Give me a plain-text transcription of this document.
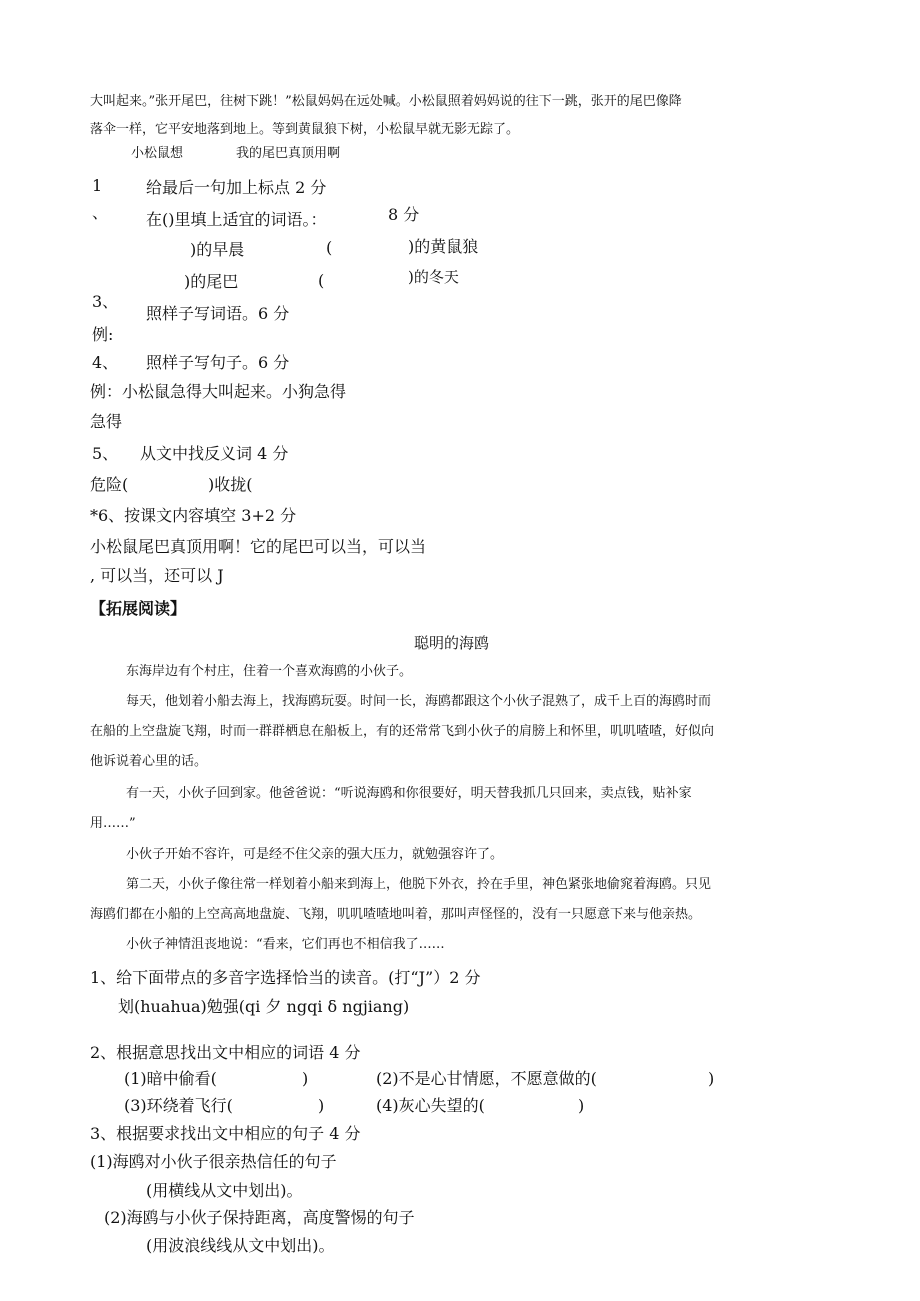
大叫起来。”张开尾巴，往树下跳！”松鼠妈妈在远处喊。小松鼠照着妈妈说的往下一跳，张开的尾巴像降
落伞一样，它平安地落到地上。等到黄鼠狼下树，小松鼠早就无影无踪了。
小松鼠想	我的尾巴真顶用啊
1	给最后一句加上标点 2 分
、 在()里填上适宜的词语。：	8 分
)的早晨	(	)的黄鼠狼
)的尾巴	(	)的冬天
3、
照样子写词语。6 分
例:
4、 照样子写句子。6 分
例：小松鼠急得大叫起来。小狗急得
急得
5、 从文中找反义词 4 分
危险(	)收拢(
*6、按课文内容填空 3+2 分
小松鼠尾巴真顶用啊！它的尾巴可以当，可以当
, 可以当，还可以 J
【拓展阅读】
聪明的海鸥
东海岸边有个村庄，住着一个喜欢海鸥的小伙子。
每天，他划着小船去海上，找海鸥玩耍。时间一长，海鸥都跟这个小伙子混熟了，成千上百的海鸥时而
在船的上空盘旋飞翔，时而一群群栖息在船板上，有的还常常飞到小伙子的肩膀上和怀里，叽叽喳喳，好似向
他诉说着心里的话。
有一天，小伙子回到家。他爸爸说：“听说海鸥和你很要好，明天替我抓几只回来，卖点钱，贴补家
用……”
小伙子开始不容许，可是经不住父亲的强大压力，就勉强容许了。
第二天，小伙子像往常一样划着小船来到海上，他脱下外衣，拎在手里，神色紧张地偷窕着海鸥。只见
海鸥们都在小船的上空高高地盘旋、飞翔，叽叽喳喳地叫着，那叫声怪怪的，没有一只愿意下来与他亲热。
小伙子神情沮丧地说：“看来，它们再也不相信我了……
1、给下面带点的多音字选择恰当的读音。(打“J”）2 分
划(huahua)勉强(qi 夕 ngqi δ ngjiang)
2、根据意思找出文中相应的词语 4 分
(1)暗中偷看(	)	(2)不是心甘情愿，不愿意做的(	)
(3)环绕着飞行(	)	(4)灰心失望的(	)
3、根据要求找出文中相应的句子 4 分
(1)海鸥对小伙子很亲热信任的句子
(用横线从文中划出)。
(2)海鸥与小伙子保持距离，高度警惕的句子
(用波浪线线从文中划出)。
